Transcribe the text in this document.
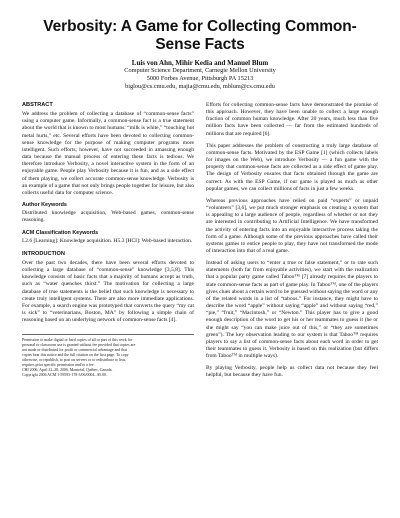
Verbosity: A Game for Collecting Common-Sense Facts
Luis von Ahn, Mihir Kedia and Manuel Blum
Computer Science Department, Carnegie Mellon University
5000 Forbes Avenue, Pittsburgh PA 15213
biglou@cs.cmu.edu, majia@cmu.edu, mblum@cs.cmu.edu
ABSTRACT

We address the problem of collecting a database of “common-sense facts” using a computer game. Informally, a common-sense fact is a true statement about the world that is known to most humans: “milk is white,” “touching hot metal hurts,” etc. Several efforts have been devoted to collecting common-sense knowledge for the purpose of making computer programs more intelligent. Such efforts, however, have not succeeded in amassing enough data because the manual process of entering these facts is tedious. We therefore introduce Verbosity, a novel interactive system in the form of an enjoyable game. People play Verbosity because it is fun, and as a side effect of them playing, we collect accurate common-sense knowledge. Verbosity is an example of a game that not only brings people together for leisure, but also collects useful data for computer science.

Author Keywords

Distributed knowledge acquisition, Web-based games, common-sense reasoning.

ACM Classification Keywords

I.2.6 [Learning]: Knowledge acquisition. H5.3 [HCI]: Web-based interaction.

INTRODUCTION

Over the past two decades, there have been several efforts devoted to collecting a large database of “common-sense” knowledge [3,5,8]. This knowledge consists of basic facts that a majority of humans accept as truth, such as “water quenches thirst.” The motivation for collecting a large database of true statements is the belief that such knowledge is necessary to create truly intelligent systems. There are also more immediate applications. For example, a search engine was prototyped that converts the query “my cat is sick” to “veterinarians, Boston, MA” by following a simple chain of reasoning based on an underlying network of common-sense facts [4].

Permission to make digital or hard copies of all or part of this work for
personal or classroom use is granted without fee provided that copies are
not made or distributed for profit or commercial advantage and that
copies bear this notice and the full citation on the first page. To copy
otherwise, or republish, to post on servers or to redistribute to lists,
requires prior specific permission and/or a fee.
CHI 2006, April 22–28, 2006, Montréal, Québec, Canada.
Copyright 2006 ACM 1-59593-178-3/06/0004...$5.00.

Efforts for collecting common-sense facts have demonstrated the promise of this approach. However, they have been unable to collect a large enough fraction of common human knowledge. After 20 years, much less than five million facts have been collected — far from the estimated hundreds of millions that are required [6].

This paper addresses the problem of constructing a truly large database of common-sense facts. Motivated by the ESP Game [1] (which collects labels for images on the Web), we introduce Verbosity — a fun game with the property that common-sense facts are collected as a side effect of game play. The design of Verbosity ensures that facts obtained through the game are correct. As with the ESP Game, if our game is played as much as other popular games, we can collect millions of facts in just a few weeks.

Whereas previous approaches have relied on paid “experts” or unpaid “volunteers” [3,6], we put much stronger emphasis on creating a system that is appealing to a large audience of people, regardless of whether or not they are interested in contributing to Artificial Intelligence. We have transformed the activity of entering facts into an enjoyable interactive process taking the form of a game. Although some of the previous approaches have called their systems games to entice people to play, they have not transformed the mode of interaction into that of a real game.

Instead of asking users to “enter a true or false statement,” or to rate such statements (both far from enjoyable activities), we start with the realization that a popular party game called Taboo™ [7] already requires the players to state common-sense facts as part of game play. In Taboo™, one of the players gives clues about a certain word to be guessed without saying the word or any of the related words in a list of “taboos.” For instance, they might have to describe the word “apple” without saying “apple” and without saying “red,” “pie,” “fruit,” “Macintosh,” or “Newton.” This player has to give a good enough description of the word to get his or her teammates to guess it (he or she might say “you can make juice out of this,” or “they are sometimes green”). The key observation leading to our system is that Taboo™ requires players to say a list of common-sense facts about each word in order to get their teammates to guess it. Verbosity is based on this realization (but differs from Taboo™ in multiple ways).

By playing Verbosity, people help us collect data not because they feel helpful, but because they have fun.
